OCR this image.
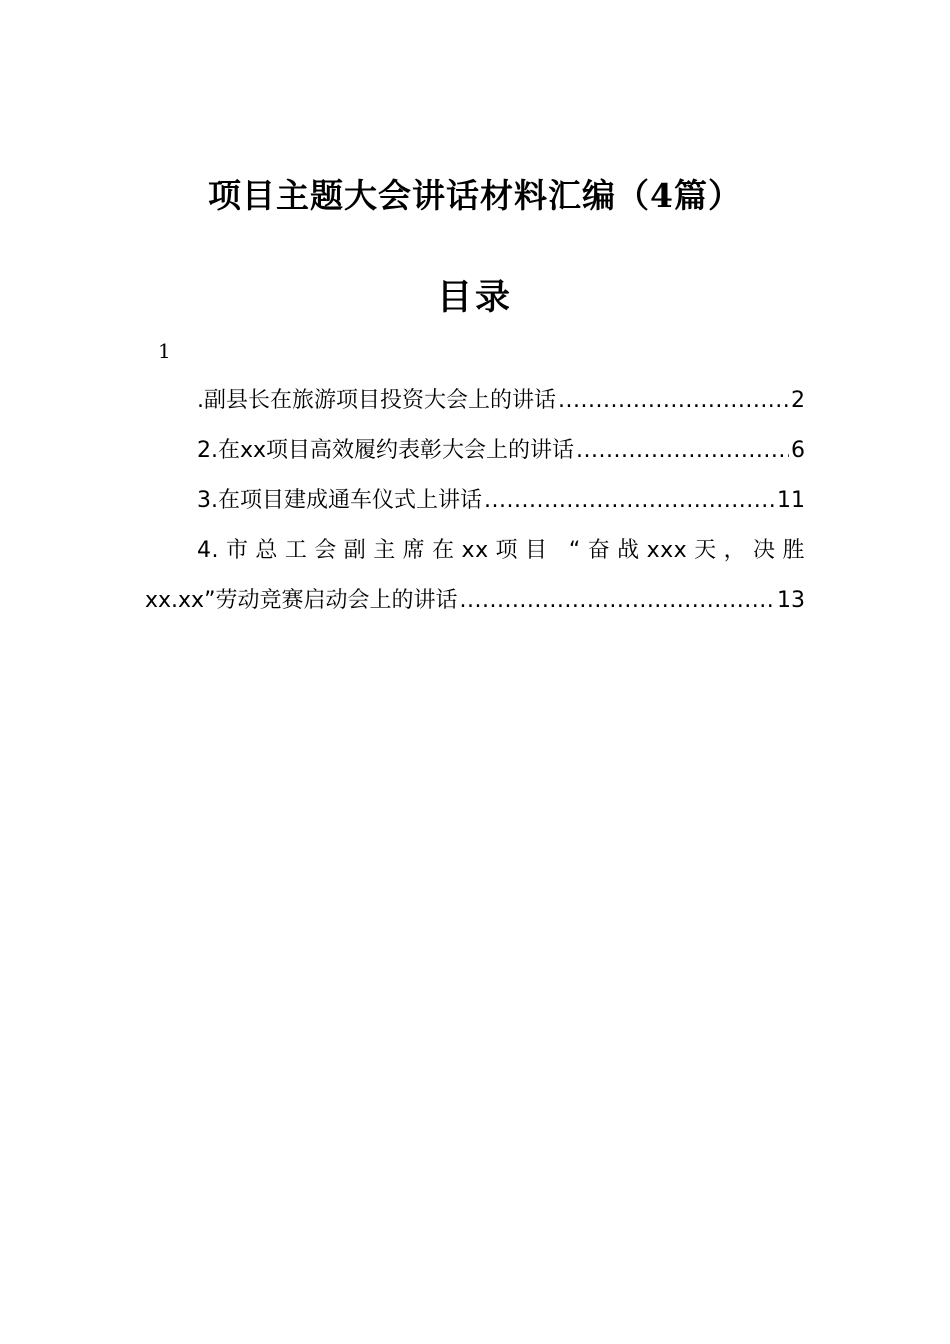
项目主题大会讲话材料汇编（4篇）
目录
1
.副县长在旅游项目投资大会上的讲话 .....	2
2.在xx项目高效履约表彰大会上的讲话 .....	6
3.在项目建成通车仪式上讲话 .....	11
4.市总工会副主席在xx项目 “奋战xxx天，决胜
xx.xx”劳动竞赛启动会上的讲话 .....	13
